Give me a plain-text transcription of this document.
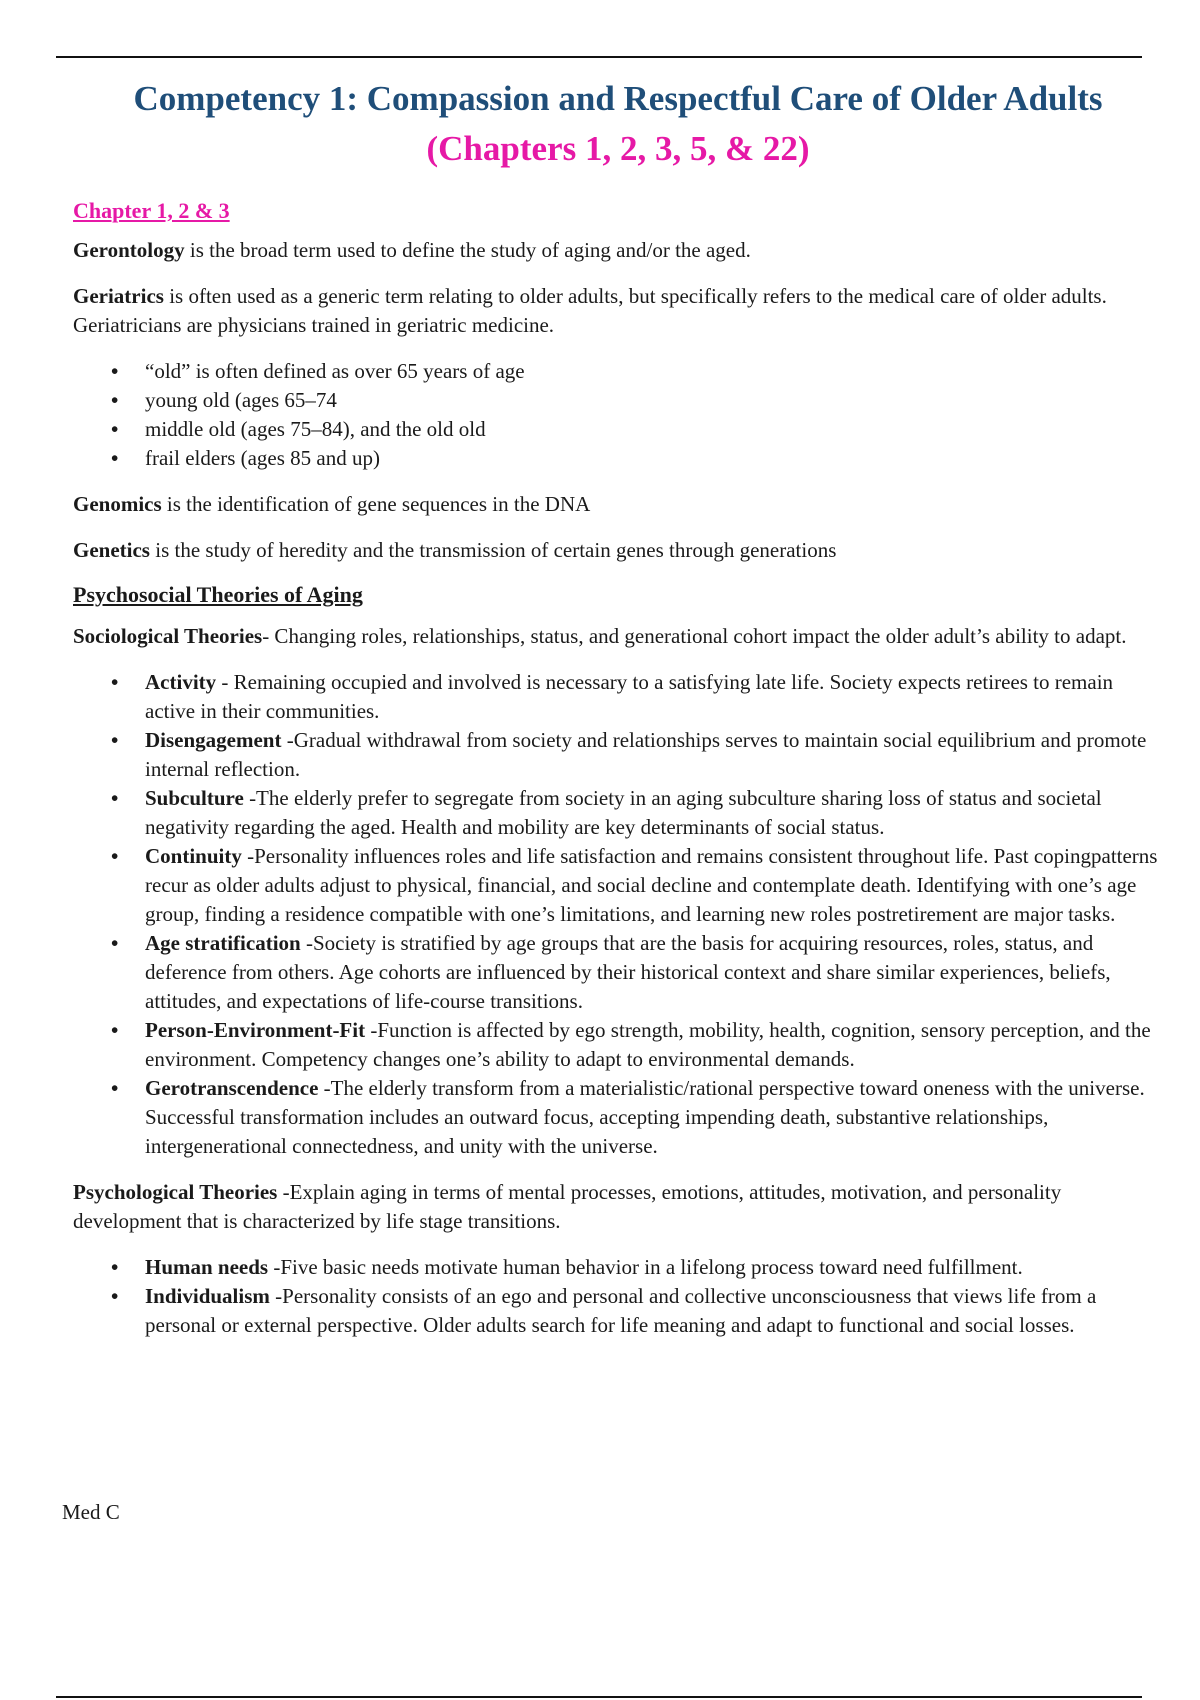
Competency 1: Compassion and Respectful Care of Older Adults
(Chapters 1, 2, 3, 5, & 22)
Chapter 1, 2 & 3

Gerontology is the broad term used to define the study of aging and/or the aged.

Geriatrics is often used as a generic term relating to older adults, but specifically refers to the medical care of older adults. Geriatricians are physicians trained in geriatric medicine.

• “old” is often defined as over 65 years of age
• young old (ages 65–74
• middle old (ages 75–84), and the old old
• frail elders (ages 85 and up)

Genomics is the identification of gene sequences in the DNA

Genetics is the study of heredity and the transmission of certain genes through generations

Psychosocial Theories of Aging

Sociological Theories- Changing roles, relationships, status, and generational cohort impact the older adult’s ability to adapt.

• Activity - Remaining occupied and involved is necessary to a satisfying late life. Society expects retirees to remain active in their communities.
• Disengagement -Gradual withdrawal from society and relationships serves to maintain social equilibrium and promote internal reflection.
• Subculture -The elderly prefer to segregate from society in an aging subculture sharing loss of status and societal negativity regarding the aged. Health and mobility are key determinants of social status.
• Continuity -Personality influences roles and life satisfaction and remains consistent throughout life. Past copingpatterns recur as older adults adjust to physical, financial, and social decline and contemplate death. Identifying with one’s age group, finding a residence compatible with one’s limitations, and learning new roles postretirement are major tasks.
• Age stratification -Society is stratified by age groups that are the basis for acquiring resources, roles, status, and deference from others. Age cohorts are influenced by their historical context and share similar experiences, beliefs, attitudes, and expectations of life-course transitions.
• Person-Environment-Fit -Function is affected by ego strength, mobility, health, cognition, sensory perception, and the environment. Competency changes one’s ability to adapt to environmental demands.
• Gerotranscendence -The elderly transform from a materialistic/rational perspective toward oneness with the universe. Successful transformation includes an outward focus, accepting impending death, substantive relationships, intergenerational connectedness, and unity with the universe.

Psychological Theories -Explain aging in terms of mental processes, emotions, attitudes, motivation, and personality development that is characterized by life stage transitions.

• Human needs -Five basic needs motivate human behavior in a lifelong process toward need fulfillment.
• Individualism -Personality consists of an ego and personal and collective unconsciousness that views life from a personal or external perspective. Older adults search for life meaning and adapt to functional and social losses.
Med C
